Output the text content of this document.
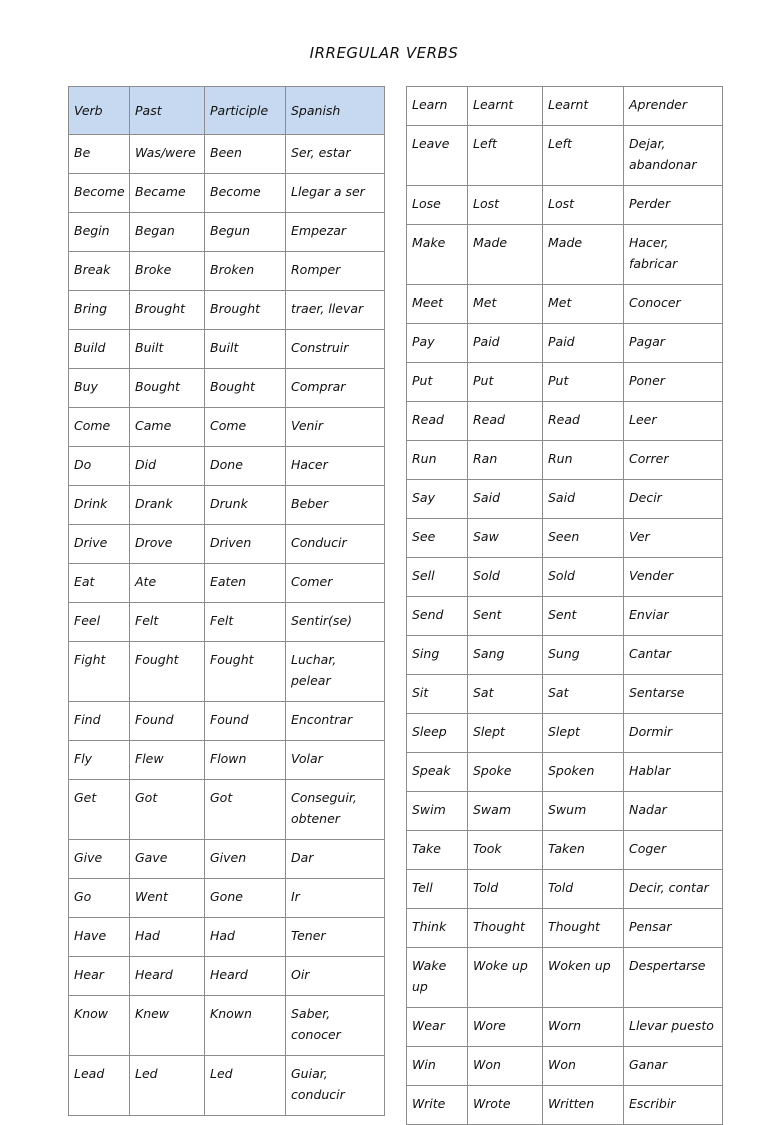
IRREGULAR VERBS
Verb	Past	Participle	Spanish
Be	Was/were	Been	Ser, estar
Become	Became	Become	Llegar a ser
Begin	Began	Begun	Empezar
Break	Broke	Broken	Romper
Bring	Brought	Brought	traer, llevar
Build	Built	Built	Construir
Buy	Bought	Bought	Comprar
Come	Came	Come	Venir
Do	Did	Done	Hacer
Drink	Drank	Drunk	Beber
Drive	Drove	Driven	Conducir
Eat	Ate	Eaten	Comer
Feel	Felt	Felt	Sentir(se)
Fight	Fought	Fought	Luchar, pelear
Find	Found	Found	Encontrar
Fly	Flew	Flown	Volar
Get	Got	Got	Conseguir, obtener
Give	Gave	Given	Dar
Go	Went	Gone	Ir
Have	Had	Had	Tener
Hear	Heard	Heard	Oir
Know	Knew	Known	Saber, conocer
Lead	Led	Led	Guiar, conducir
Learn	Learnt	Learnt	Aprender
Leave	Left	Left	Dejar, abandonar
Lose	Lost	Lost	Perder
Make	Made	Made	Hacer, fabricar
Meet	Met	Met	Conocer
Pay	Paid	Paid	Pagar
Put	Put	Put	Poner
Read	Read	Read	Leer
Run	Ran	Run	Correr
Say	Said	Said	Decir
See	Saw	Seen	Ver
Sell	Sold	Sold	Vender
Send	Sent	Sent	Enviar
Sing	Sang	Sung	Cantar
Sit	Sat	Sat	Sentarse
Sleep	Slept	Slept	Dormir
Speak	Spoke	Spoken	Hablar
Swim	Swam	Swum	Nadar
Take	Took	Taken	Coger
Tell	Told	Told	Decir, contar
Think	Thought	Thought	Pensar
Wake up	Woke up	Woken up	Despertarse
Wear	Wore	Worn	Llevar puesto
Win	Won	Won	Ganar
Write	Wrote	Written	Escribir
